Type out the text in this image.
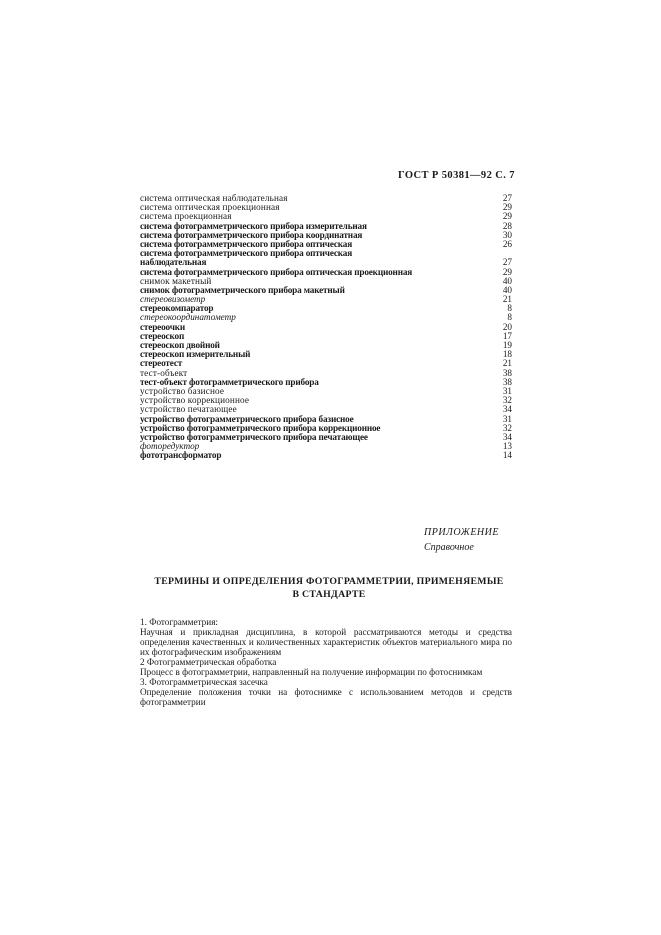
ГОСТ Р 50381—92 С. 7
система оптическая наблюдательная	27
система оптическая проекционная	29
система проекционная	29
система фотограмметрического прибора измерительная	28
система фотограмметрического прибора координатная	30
система фотограмметрического прибора оптическая	26
система фотограмметрического прибора оптическая
наблюдательная	27
система фотограмметрического прибора оптическая проекционная	29
снимок макетный	40
снимок фотограмметрического прибора макетный	40
стереовизометр	21
стереокомпаратор	8
стереокоординатометр	8
стереоочки	20
стереоскоп	17
стереоскоп двойной	19
стереоскоп измерительный	18
стереотест	21
тест-объект	38
тест-объект фотограмметрического прибора	38
устройство базисное	31
устройство коррекционное	32
устройство печатающее	34
устройство фотограмметрического прибора базисное	31
устройство фотограмметрического прибора коррекционное	32
устройство фотограмметрического прибора печатающее	34
фоторедуктор	13
фототрансформатор	14
ПРИЛОЖЕНИЕ
Справочное
ТЕРМИНЫ И ОПРЕДЕЛЕНИЯ ФОТОГРАММЕТРИИ, ПРИМЕНЯЕМЫЕ
В СТАНДАРТЕ

1. Фотограмметрия:

Научная и прикладная дисциплина, в которой рассматриваются методы и средства определения качественных и количественных характеристик объектов материального мира по их фотографическим изображениям

2 Фотограмметрическая обработка

Процесс в фотограмметрии, направленный на получение информации по фотоснимкам

3. Фотограмметрическая засечка

Определение положения точки на фотоснимке с использованием методов и средств фотограмметрии
